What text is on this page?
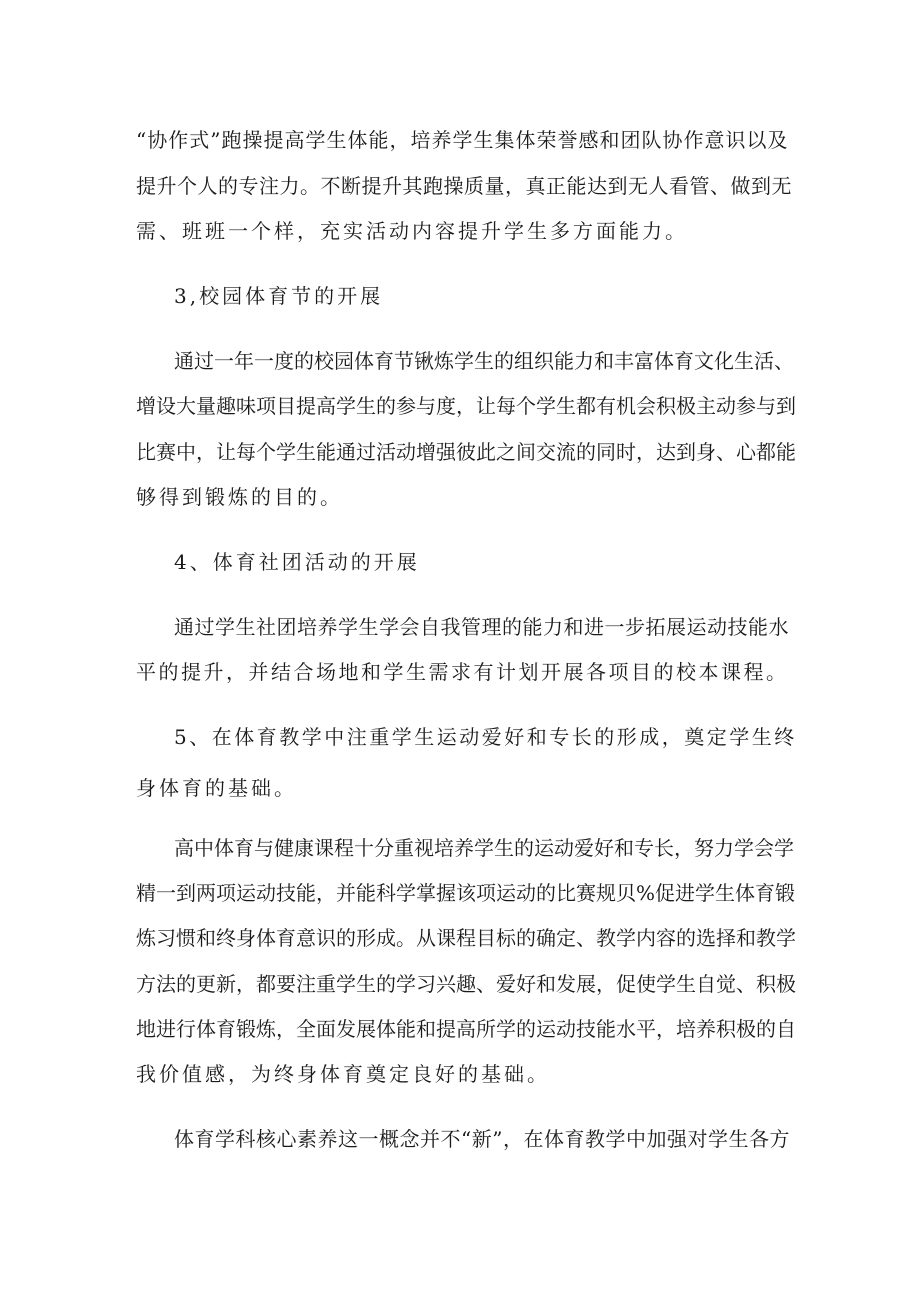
“协作式”跑操提高学生体能，培养学生集体荣誉感和团队协作意识以及

提升个人的专注力。不断提升其跑操质量，真正能达到无人看管、做到无

需、班班一个样，充实活动内容提升学生多方面能力。

3,校园体育节的开展

通过一年一度的校园体育节锹炼学生的组织能力和丰富体育文化生活、

增设大量趣味项目提高学生的参与度，让每个学生都有机会积极主动参与到

比赛中，让每个学生能通过活动增强彼此之间交流的同时，达到身、心都能

够得到锻炼的目的。

4、体育社团活动的开展

通过学生社团培养学生学会自我管理的能力和进一步拓展运动技能水

平的提升，并结合场地和学生需求有计划开展各项目的校本课程。

5、在体育教学中注重学生运动爱好和专长的形成，奠定学生终

身体育的基础。

高中体育与健康课程十分重视培养学生的运动爱好和专长，努力学会学

精一到两项运动技能，并能科学掌握该项运动的比赛规贝%促进学生体育锻

炼习惯和终身体育意识的形成。从课程目标的确定、教学内容的选择和教学

方法的更新，都要注重学生的学习兴趣、爱好和发展，促使学生自觉、积极

地进行体育锻炼，全面发展体能和提高所学的运动技能水平，培养积极的自

我价值感，为终身体育奠定良好的基础。

体育学科核心素养这一概念并不“新”，在体育教学中加强对学生各方
